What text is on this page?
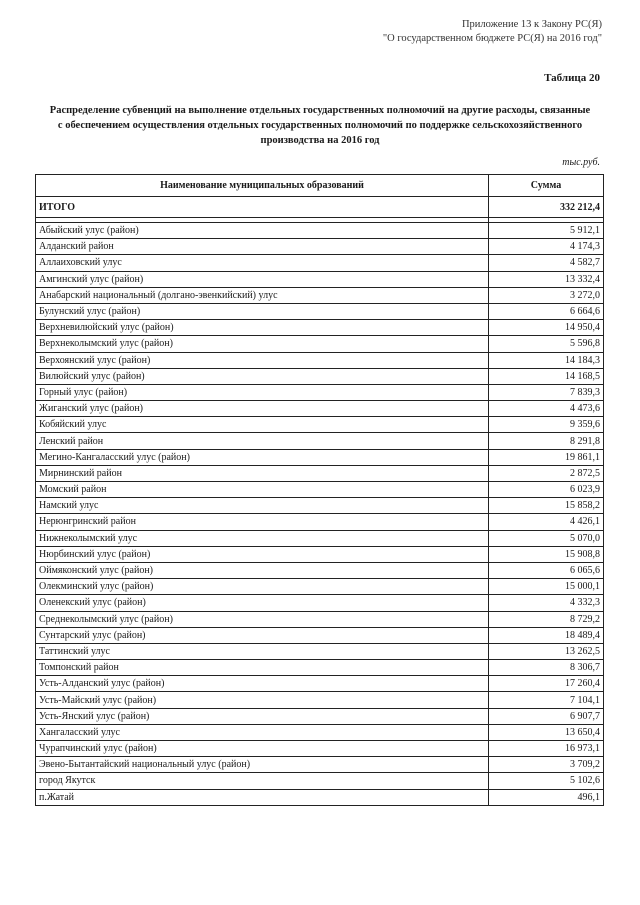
Приложение 13 к Закону РС(Я)
"О государственном бюджете РС(Я) на 2016 год"
Таблица 20
Распределение субвенций на выполнение отдельных государственных полномочий на другие расходы, связанные
с обеспечением осуществления отдельных государственных полномочий по поддержке сельскохозяйственного
производства на 2016 год
тыс.руб.
Наименование муниципальных образований	Сумма
ИТОГО	332 212,4

Абыйский улус (район)	5 912,1
Алданский район	4 174,3
Аллаиховский улус	4 582,7
Амгинский улус (район)	13 332,4
Анабарский национальный (долгано-эвенкийский) улус	3 272,0
Булунский улус (район)	6 664,6
Верхневилюйский улус (район)	14 950,4
Верхнеколымский улус (район)	5 596,8
Верхоянский улус (район)	14 184,3
Вилюйский улус (район)	14 168,5
Горный улус (район)	7 839,3
Жиганский улус (район)	4 473,6
Кобяйский улус	9 359,6
Ленский район	8 291,8
Мегино-Кангаласский улус (район)	19 861,1
Мирнинский район	2 872,5
Момский район	6 023,9
Намский улус	15 858,2
Нерюнгринский район	4 426,1
Нижнеколымский улус	5 070,0
Нюрбинский улус (район)	15 908,8
Оймяконский улус (район)	6 065,6
Олекминский улус (район)	15 000,1
Оленекский улус (район)	4 332,3
Среднеколымский улус (район)	8 729,2
Сунтарский улус (район)	18 489,4
Таттинский улус	13 262,5
Томпонский район	8 306,7
Усть-Алданский улус (район)	17 260,4
Усть-Майский улус (район)	7 104,1
Усть-Янский улус (район)	6 907,7
Хангаласский улус	13 650,4
Чурапчинский улус (район)	16 973,1
Эвено-Бытантайский национальный улус (район)	3 709,2
город Якутск	5 102,6
п.Жатай	496,1
